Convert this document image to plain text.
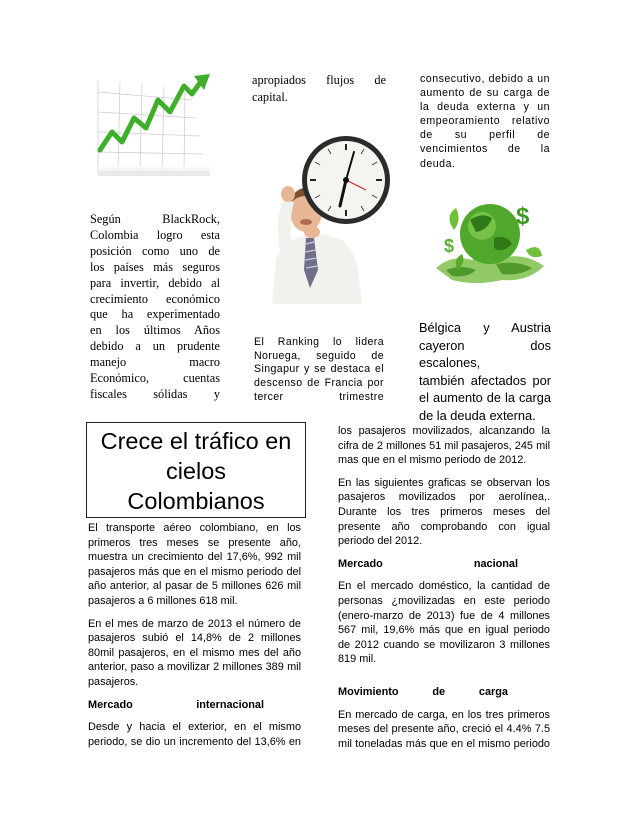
$
$
Según BlackRock,
Colombia logro esta
posición como uno de
los países más seguros
para invertir, debido al
crecimiento económico
que ha experimentado
en los últimos Años
debido a un prudente
manejo macro
Económico, cuentas
fiscales sólidas y
apropiados flujos de
capital.
El Ranking lo lidera
Noruega, seguido de
Singapur y se destaca el
descenso de Francia por
tercer trimestre
consecutivo, debido a un
aumento de su carga de
la deuda externa y un
empeoramiento relativo
de su perfil de
vencimientos de la
deuda.
Bélgica y Austria
cayeron dos escalones,
también afectados por
el aumento de la carga
de la deuda externa.
Crece el tráfico en
cielos
Colombianos

El transporte aéreo colombiano, en los primeros tres meses se presente año, muestra un crecimiento del 17,6%, 992 mil pasajeros más que en el mismo periodo del año anterior, al pasar de 5 millones 626 mil pasajeros a 6 millones 618 mil.

En el mes de marzo de 2013 el número de pasajeros subió el 14,8% de 2 millones 80mil pasajeros, en el mismo mes del año anterior, paso a movilizar 2 millones 389 mil pasajeros.

Mercado	internacional

Desde y hacia el exterior, en el mismo periodo, se dio un incremento del 13,6% en

los pasajeros movilizados, alcanzando la cifra de 2 millones 51 mil pasajeros, 245 mil mas que en el mismo periodo de 2012.

En las siguientes graficas se observan los pasajeros movilizados por aerolínea,. Durante los tres primeros meses del presente año comprobando con igual periodo del 2012.

Mercado	nacional

En el mercado doméstico, la cantidad de personas ¿movilizadas en este periodo (enero-marzo de 2013) fue de 4 millones 567 mil, 19,6% más que en igual periodo de 2012 cuando se movilizaron 3 millones 819 mil.

Movimiento	de	carga

En mercado de carga, en los tres primeros meses del presente año, creció el 4.4% 7.5 mil toneladas más que en el mismo periodo
